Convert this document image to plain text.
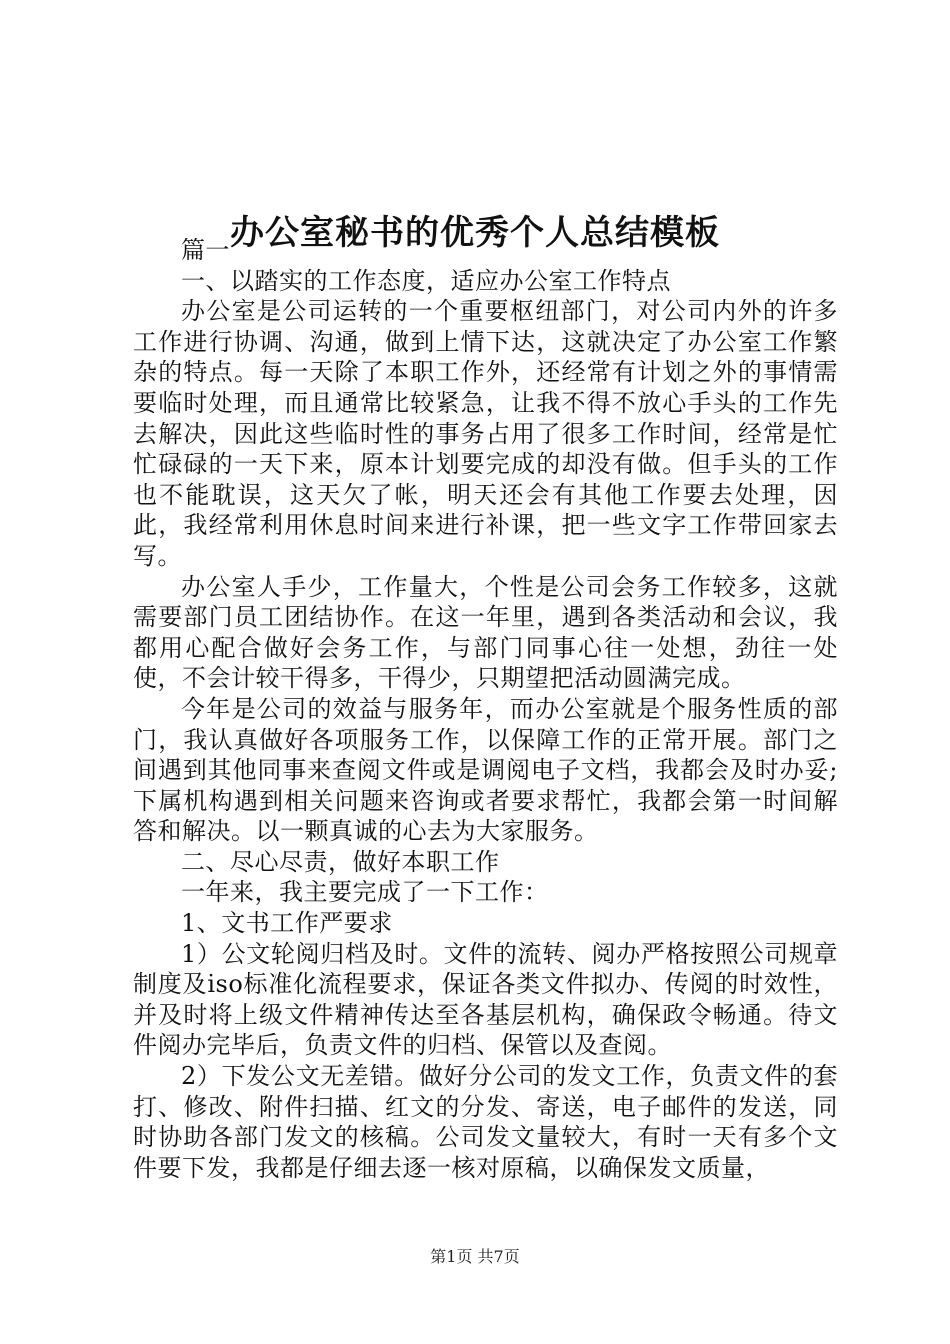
办公室秘书的优秀个人总结模板

篇一

一、以踏实的工作态度，适应办公室工作特点

办公室是公司运转的一个重要枢纽部门，对公司内外的许多工作进行协调、沟通，做到上情下达，这就决定了办公室工作繁杂的特点。每一天除了本职工作外，还经常有计划之外的事情需要临时处理，而且通常比较紧急，让我不得不放心手头的工作先去解决，因此这些临时性的事务占用了很多工作时间，经常是忙忙碌碌的一天下来，原本计划要完成的却没有做。但手头的工作也不能耽误，这天欠了帐，明天还会有其他工作要去处理，因此，我经常利用休息时间来进行补课，把一些文字工作带回家去写。

办公室人手少，工作量大，个性是公司会务工作较多，这就需要部门员工团结协作。在这一年里，遇到各类活动和会议，我都用心配合做好会务工作，与部门同事心往一处想，劲往一处使，不会计较干得多，干得少，只期望把活动圆满完成。

今年是公司的效益与服务年，而办公室就是个服务性质的部门，我认真做好各项服务工作，以保障工作的正常开展。部门之间遇到其他同事来查阅文件或是调阅电子文档，我都会及时办妥;下属机构遇到相关问题来咨询或者要求帮忙，我都会第一时间解答和解决。以一颗真诚的心去为大家服务。

二、尽心尽责，做好本职工作

一年来，我主要完成了一下工作：

1、文书工作严要求

1）公文轮阅归档及时。文件的流转、阅办严格按照公司规章制度及iso标准化流程要求，保证各类文件拟办、传阅的时效性，并及时将上级文件精神传达至各基层机构，确保政令畅通。待文件阅办完毕后，负责文件的归档、保管以及查阅。

2）下发公文无差错。做好分公司的发文工作，负责文件的套打、修改、附件扫描、红文的分发、寄送，电子邮件的发送，同时协助各部门发文的核稿。公司发文量较大，有时一天有多个文件要下发，我都是仔细去逐一核对原稿，以确保发文质量，

第1页 共7页
